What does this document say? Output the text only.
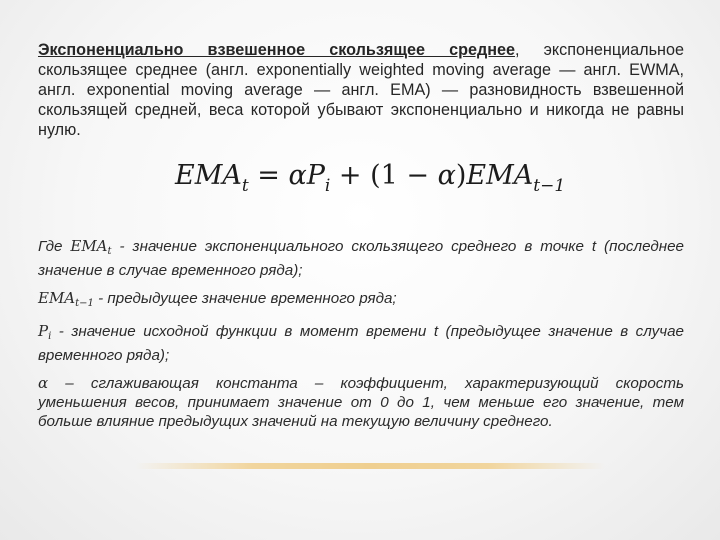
Экспоненциально взвешенное скользящее среднее, экспоненциальное скользящее среднее (англ. exponentially weighted moving average — англ. EWMA, англ. exponential moving average — англ. EMA) — разновидность взвешенной скользящей средней, веса которой убывают экспоненциально и никогда не равны нулю.
$EMA_t = \alpha P_i + (1 - \alpha)EMA_{t-1}$

Где $EMA_t$ - значение экспоненциального скользящего среднего в точке t (последнее значение в случае временного ряда);

$EMA_{t-1}$ - предыдущее значение временного ряда;

$P_i$ - значение исходной функции в момент времени t (предыдущее значение в случае временного ряда);

α – сглаживающая константа – коэффициент, характеризующий скорость уменьшения весов, принимает значение от 0 до 1, чем меньше его значение, тем больше влияние предыдущих значений на текущую величину среднего.
